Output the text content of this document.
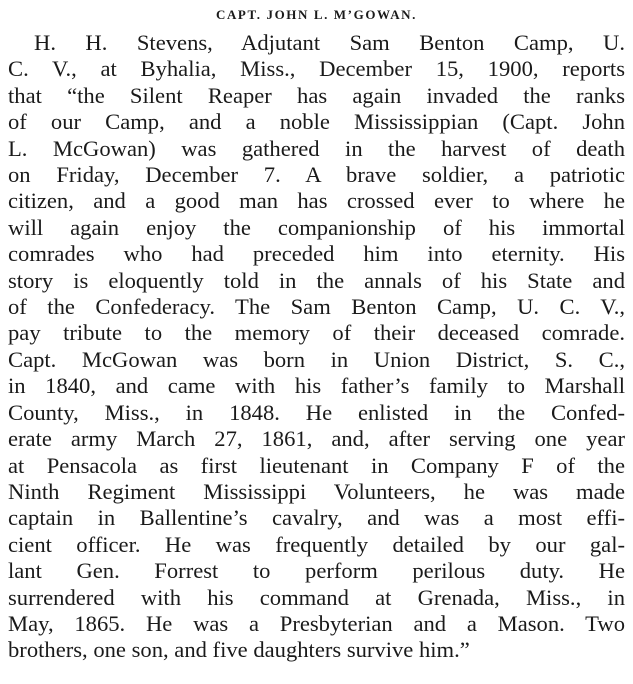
CAPT. JOHN L. M’GOWAN.

H. H. Stevens, Adjutant Sam Benton Camp, U.
C. V., at Byhalia, Miss., December 15, 1900, reports
that “the Silent Reaper has again invaded the ranks
of our Camp, and a noble Mississippian (Capt. John
L. McGowan) was gathered in the harvest of death
on Friday, December 7. A brave soldier, a patriotic
citizen, and a good man has crossed ever to where he
will again enjoy the companionship of his immortal
comrades who had preceded him into eternity. His
story is eloquently told in the annals of his State and
of the Confederacy. The Sam Benton Camp, U. C. V.,
pay tribute to the memory of their deceased comrade.
Capt. McGowan was born in Union District, S. C.,
in 1840, and came with his father’s family to Marshall
County, Miss., in 1848. He enlisted in the Confed-
erate army March 27, 1861, and, after serving one year
at Pensacola as first lieutenant in Company F of the
Ninth Regiment Mississippi Volunteers, he was made
captain in Ballentine’s cavalry, and was a most effi-
cient officer. He was frequently detailed by our gal-
lant Gen. Forrest to perform perilous duty. He
surrendered with his command at Grenada, Miss., in
May, 1865. He was a Presbyterian and a Mason. Two
brothers, one son, and five daughters survive him.”
